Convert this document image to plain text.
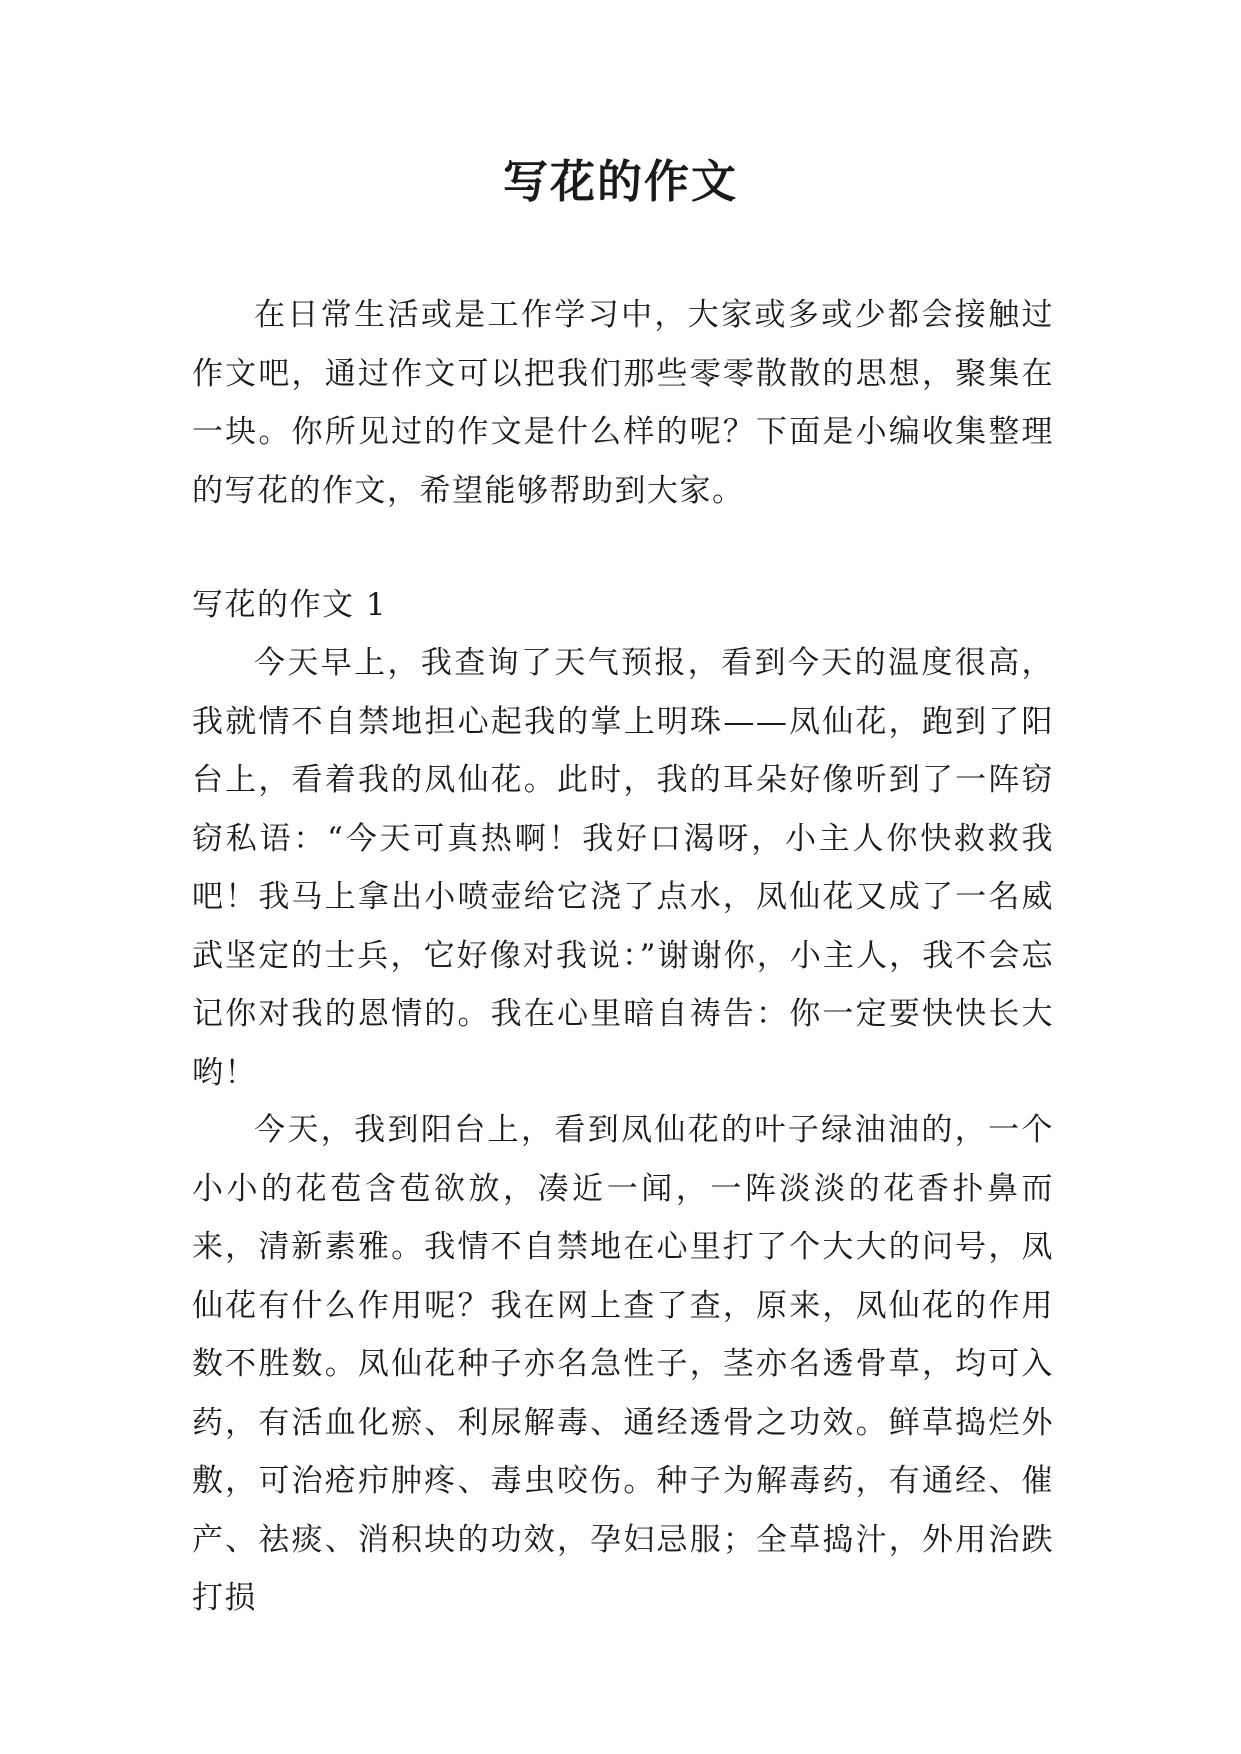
写花的作文

在日常生活或是工作学习中，大家或多或少都会接触过作文吧，通过作文可以把我们那些零零散散的思想，聚集在一块。你所见过的作文是什么样的呢？下面是小编收集整理的写花的作文，希望能够帮助到大家。

写花的作文 1

今天早上，我查询了天气预报，看到今天的温度很高，我就情不自禁地担心起我的掌上明珠——凤仙花，跑到了阳台上，看着我的凤仙花。此时，我的耳朵好像听到了一阵窃窃私语：“今天可真热啊！我好口渴呀，小主人你快救救我吧！我马上拿出小喷壶给它浇了点水，凤仙花又成了一名威武坚定的士兵，它好像对我说：”谢谢你，小主人，我不会忘记你对我的恩情的。我在心里暗自祷告：你一定要快快长大哟！

今天，我到阳台上，看到凤仙花的叶子绿油油的，一个小小的花苞含苞欲放，凑近一闻，一阵淡淡的花香扑鼻而来，清新素雅。我情不自禁地在心里打了个大大的问号，凤仙花有什么作用呢？我在网上查了查，原来，凤仙花的作用数不胜数。凤仙花种子亦名急性子，茎亦名透骨草，均可入药，有活血化瘀、利尿解毒、通经透骨之功效。鲜草捣烂外敷，可治疮疖肿疼、毒虫咬伤。种子为解毒药，有通经、催产、祛痰、消积块的功效，孕妇忌服；全草捣汁，外用治跌打损
